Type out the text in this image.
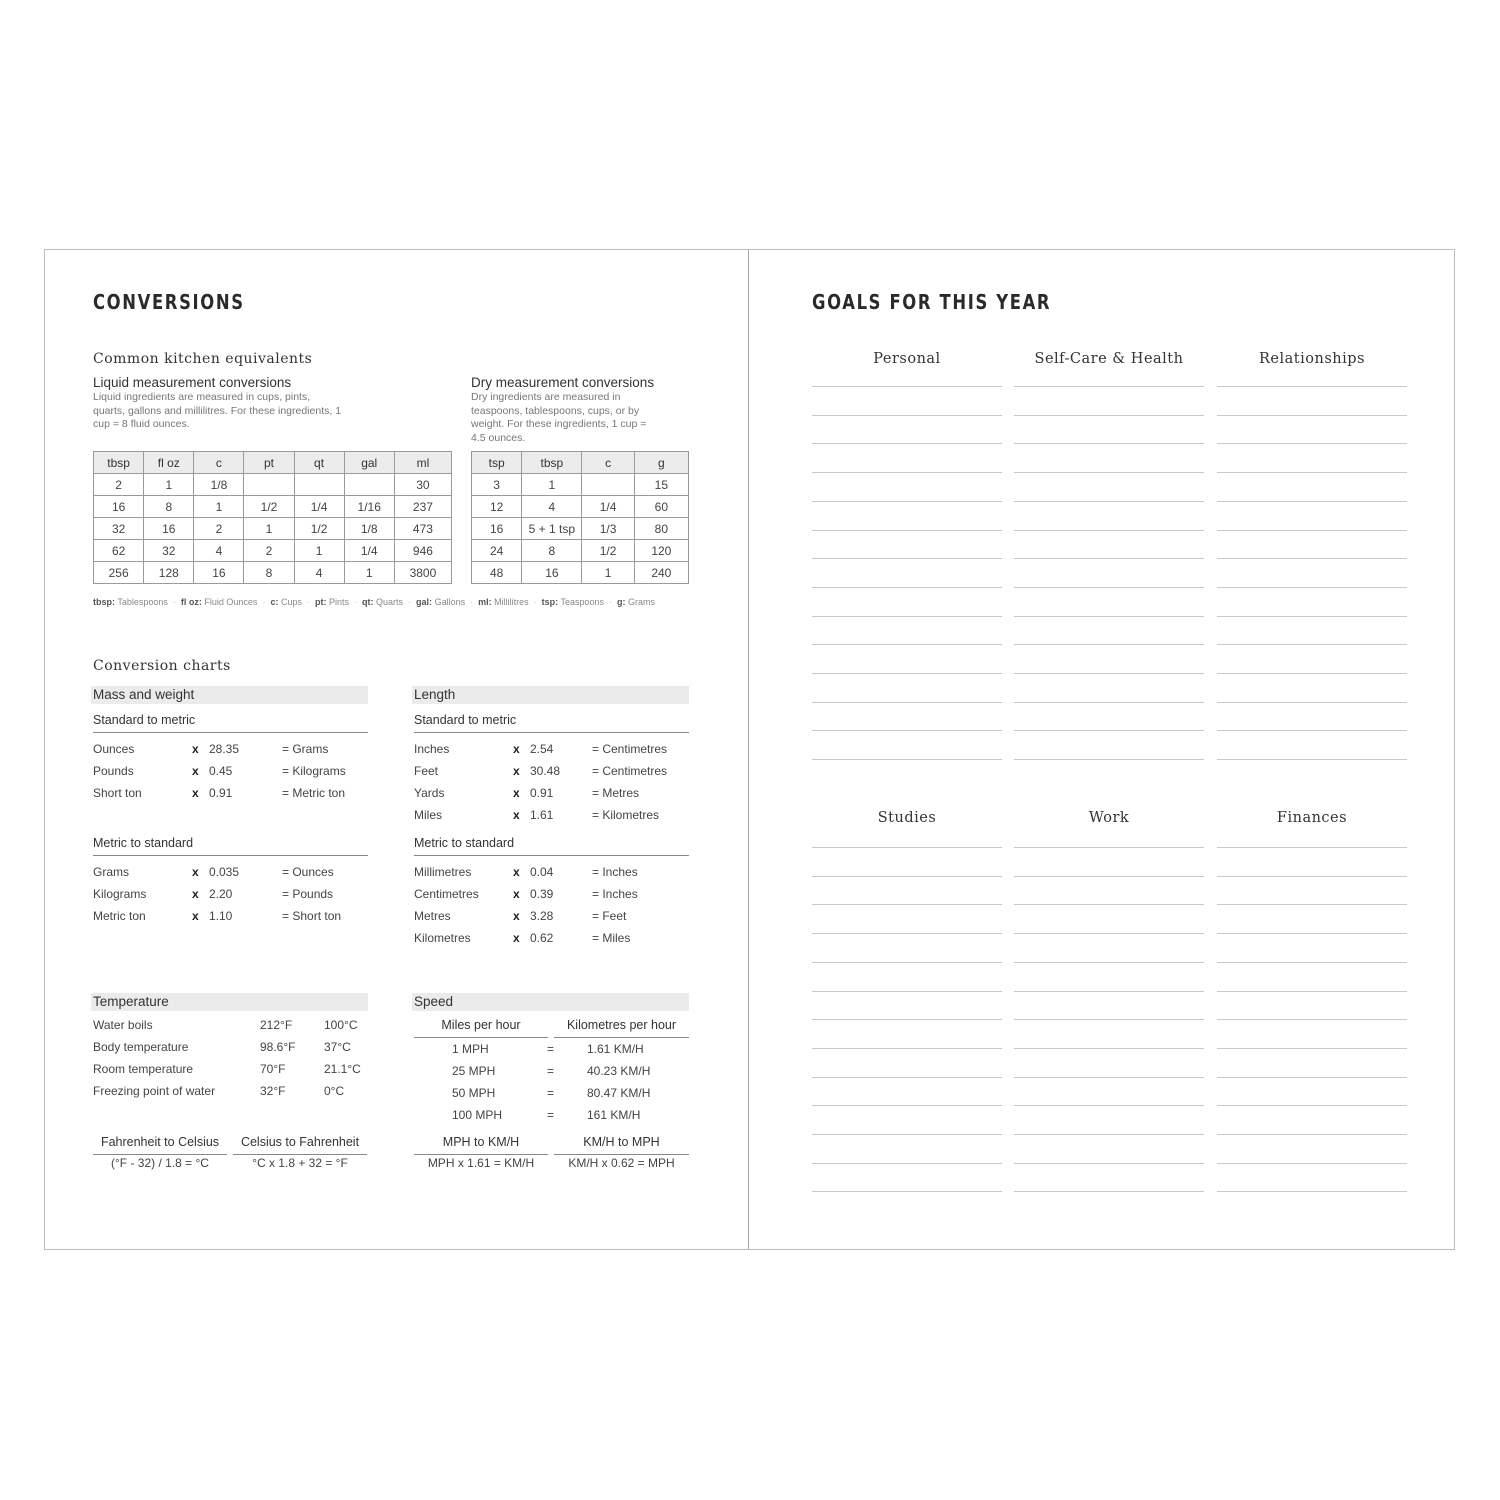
CONVERSIONS
Common kitchen equivalents
Liquid measurement conversions
Liquid ingredients are measured in cups, pints, quarts, gallons and millilitres. For these ingredients, 1 cup = 8 fluid ounces.
tbsp	fl oz	c	pt	qt	gal	ml
2	1	1/8				30
16	8	1	1/2	1/4	1/16	237
32	16	2	1	1/2	1/8	473
62	32	4	2	1	1/4	946
256	128	16	8	4	1	3800
Dry measurement conversions
Dry ingredients are measured in teaspoons, tablespoons, cups, or by weight. For these ingredients, 1 cup = 4.5 ounces.
tsp	tbsp	c	g
3	1		15
12	4	1/4	60
16	5 + 1 tsp	1/3	80
24	8	1/2	120
48	16	1	240
tbsp: Tablespoons · fl oz: Fluid Ounces · c: Cups · pt: Pints · qt: Quarts · gal: Gallons · ml: Millilitres · tsp: Teaspoons · g: Grams
Conversion charts
Mass and weight
Standard to metric
Ounces	x 28.35	= Grams
Pounds	x 0.45	= Kilograms
Short ton	x 0.91	= Metric ton
Metric to standard
Grams	x 0.035	= Ounces
Kilograms	x 2.20	= Pounds
Metric ton	x 1.10	= Short ton
Length
Standard to metric
Inches	x 2.54	= Centimetres
Feet	x 30.48	= Centimetres
Yards	x 0.91	= Metres
Miles	x 1.61	= Kilometres
Metric to standard
Millimetres	x 0.04	= Inches
Centimetres	x 0.39	= Inches
Metres	x 3.28	= Feet
Kilometres	x 0.62	= Miles
Temperature
Water boils	212°F	100°C
Body temperature	98.6°F 37°C
Room temperature	70°F	21.1°C
Freezing point of water	32°F	0°C
Fahrenheit to Celsius
(°F - 32) / 1.8 = °C
Celsius to Fahrenheit
°C x 1.8 + 32 = °F
Speed
Miles per hour	Kilometres per hour
1 MPH	=	1.61 KM/H
25 MPH	=	40.23 KM/H
50 MPH	=	80.47 KM/H
100 MPH	=	161 KM/H
MPH to KM/H
MPH x 1.61 = KM/H
KM/H to MPH
KM/H x 0.62 = MPH
GOALS FOR THIS YEAR
Personal	Self-Care & Health	Relationships
Studies	Work	Finances
